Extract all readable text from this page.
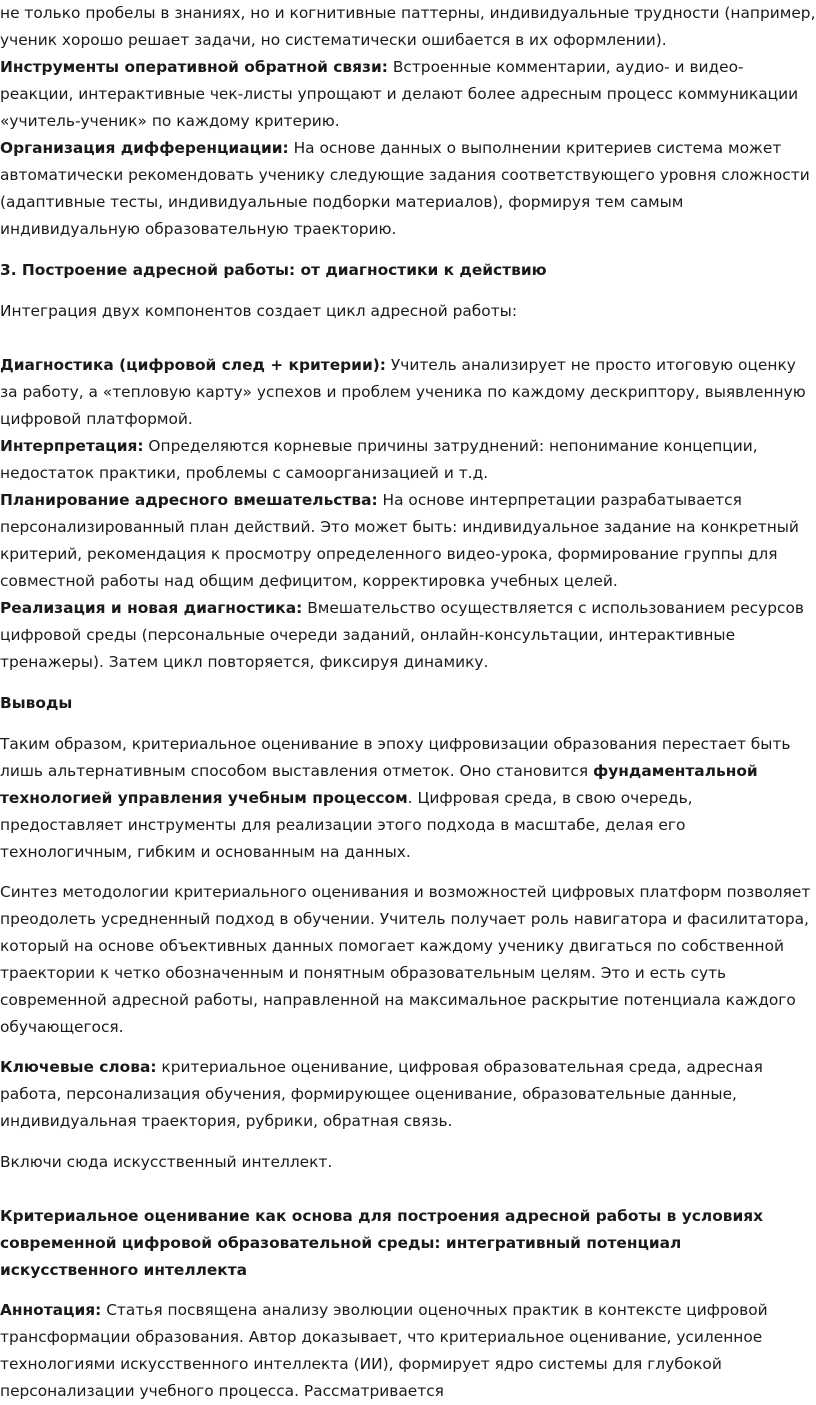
не только пробелы в знаниях, но и когнитивные паттерны, индивидуальные трудности (например, ученик хорошо решает задачи, но систематически ошибается в их оформлении).

Инструменты оперативной обратной связи: Встроенные комментарии, аудио- и видео-реакции, интерактивные чек-листы упрощают и делают более адресным процесс коммуникации «учитель-ученик» по каждому критерию.

Организация дифференциации: На основе данных о выполнении критериев система может автоматически рекомендовать ученику следующие задания соответствующего уровня сложности (адаптивные тесты, индивидуальные подборки материалов), формируя тем самым индивидуальную образовательную траекторию.

3. Построение адресной работы: от диагностики к действию

Интеграция двух компонентов создает цикл адресной работы:

Диагностика (цифровой след + критерии): Учитель анализирует не просто итоговую оценку за работу, а «тепловую карту» успехов и проблем ученика по каждому дескриптору, выявленную цифровой платформой.

Интерпретация: Определяются корневые причины затруднений: непонимание концепции, недостаток практики, проблемы с самоорганизацией и т.д.

Планирование адресного вмешательства: На основе интерпретации разрабатывается персонализированный план действий. Это может быть: индивидуальное задание на конкретный критерий, рекомендация к просмотру определенного видео-урока, формирование группы для совместной работы над общим дефицитом, корректировка учебных целей.

Реализация и новая диагностика: Вмешательство осуществляется с использованием ресурсов цифровой среды (персональные очереди заданий, онлайн-консультации, интерактивные тренажеры). Затем цикл повторяется, фиксируя динамику.

Выводы

Таким образом, критериальное оценивание в эпоху цифровизации образования перестает быть лишь альтернативным способом выставления отметок. Оно становится фундаментальной технологией управления учебным процессом. Цифровая среда, в свою очередь, предоставляет инструменты для реализации этого подхода в масштабе, делая его технологичным, гибким и основанным на данных.

Синтез методологии критериального оценивания и возможностей цифровых платформ позволяет преодолеть усредненный подход в обучении. Учитель получает роль навигатора и фасилитатора, который на основе объективных данных помогает каждому ученику двигаться по собственной траектории к четко обозначенным и понятным образовательным целям. Это и есть суть современной адресной работы, направленной на максимальное раскрытие потенциала каждого обучающегося.

Ключевые слова: критериальное оценивание, цифровая образовательная среда, адресная работа, персонализация обучения, формирующее оценивание, образовательные данные, индивидуальная траектория, рубрики, обратная связь.

Включи сюда искусственный интеллект.

Критериальное оценивание как основа для построения адресной работы в условиях современной цифровой образовательной среды: интегративный потенциал искусственного интеллекта

Аннотация: Статья посвящена анализу эволюции оценочных практик в контексте цифровой трансформации образования. Автор доказывает, что критериальное оценивание, усиленное технологиями искусственного интеллекта (ИИ), формирует ядро системы для глубокой персонализации учебного процесса. Рассматривается
